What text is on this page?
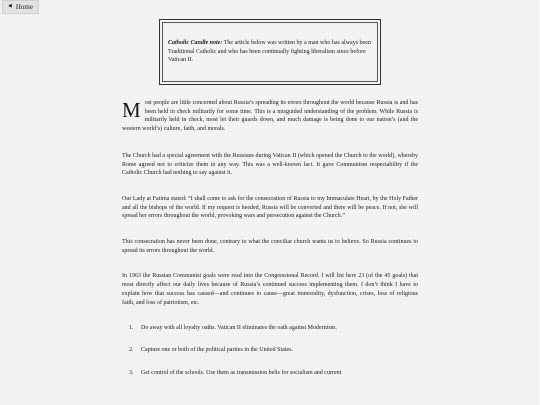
◀ Home
Catholic Candle note: The article below was written by a man who has always been Traditional Catholic and who has been continually fighting liberalism since before Vatican II.

Most people are little concerned about Russia’s spreading its errors throughout the world because Russia is and has been held in check militarily for some time. This is a misguided understanding of the problem. While Russia is militarily held in check, most let their guards down, and much damage is being done to our nation’s (and the western world’s) culture, faith, and morals.

The Church had a special agreement with the Russians during Vatican II (which opened the Church to the world), whereby Rome agreed not to criticize them in any way. This was a well-known fact. It gave Communism respectability if the Catholic Church had nothing to say against it.

Our Lady at Fatima stated: “I shall come to ask for the consecration of Russia to my Immaculate Heart, by the Holy Father and all the bishops of the world. If my request is heeded, Russia will be converted and there will be peace. If not, she will spread her errors throughout the world, provoking wars and persecution against the Church.”

This consecration has never been done, contrary to what the conciliar church wants us to believe. So Russia continues to spread its errors throughout the world.

In 1963 the Russian Communist goals were read into the Congressional Record. I will list here 23 (of the 45 goals) that most directly affect our daily lives because of Russia’s continued success implementing them. I don’t think I have to explain how that success has caused—and continues to cause—great immorality, dysfunction, crises, loss of religious faith, and loss of patriotism, etc.

1.	Do away with all loyalty oaths. Vatican II eliminates the oath against Modernism.
2.	Capture one or both of the political parties in the United States.
3.	Get control of the schools. Use them as transmission belts for socialism and current
